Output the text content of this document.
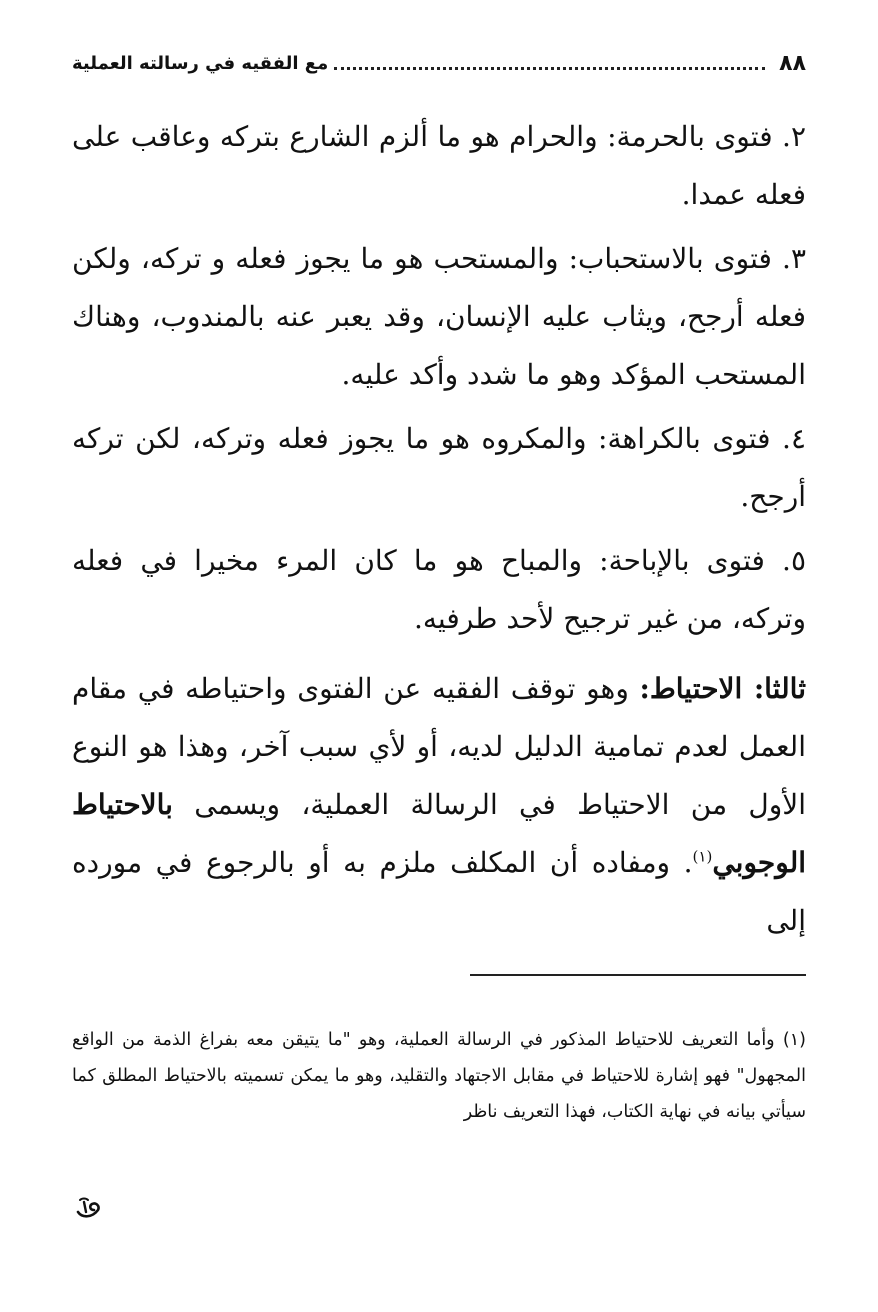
٨٨
مع الفقيه في رسالته العملية

٢. فتوى بالحرمة: والحرام هو ما ألزم الشارع بتركه وعاقب على فعله عمدا.

٣. فتوى بالاستحباب: والمستحب هو ما يجوز فعله و تركه، ولكن فعله أرجح، ويثاب عليه الإنسان، وقد يعبر عنه بالمندوب، وهناك المستحب المؤكد وهو ما شدد وأكد عليه.

٤. فتوى بالكراهة: والمكروه هو ما يجوز فعله وتركه، لكن تركه أرجح.

٥. فتوى بالإباحة: والمباح هو ما كان المرء مخيرا في فعله وتركه، من غير ترجيح لأحد طرفيه.

ثالثا: الاحتياط: وهو توقف الفقيه عن الفتوى واحتياطه في مقام العمل لعدم تمامية الدليل لديه، أو لأي سبب آخر، وهذا هو النوع الأول من الاحتياط في الرسالة العملية، ويسمى بالاحتياط الوجوبي$^{(١)}$. ومفاده أن المكلف ملزم به أو بالرجوع في مورده إلى

(١) وأما التعريف للاحتياط المذكور في الرسالة العملية، وهو "ما يتيقن معه بفراغ الذمة من الواقع المجهول" فهو إشارة للاحتياط في مقابل الاجتهاد والتقليد، وهو ما يمكن تسميته بالاحتياط المطلق كما سيأتي بيانه في نهاية الكتاب، فهذا التعريف ناظر
